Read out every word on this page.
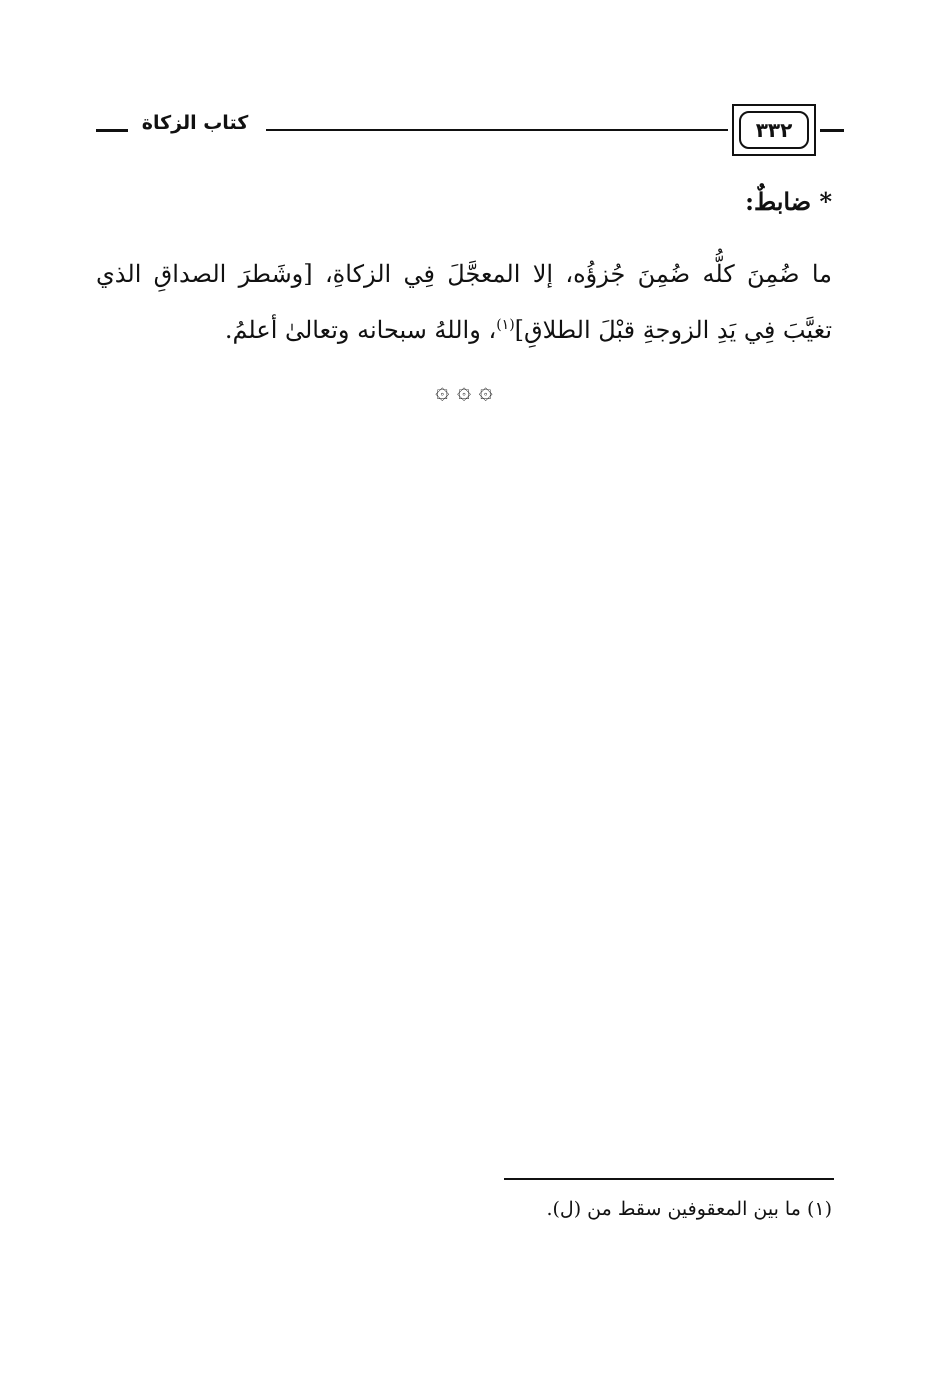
٣٣٢
كتاب الزكاة

* ضابطٌ:

ما ضُمِنَ كلُّه ضُمِنَ جُزؤُه، إلا المعجَّلَ فِي الزكاةِ، [وشَطرَ الصداقِ الذي تغيَّبَ فِي يَدِ الزوجةِ قبْلَ الطلاقِ]$^{(١)}$، واللهُ سبحانه وتعالىٰ أعلمُ.

۞ ۞ ۞
(١) ما بين المعقوفين سقط من (ل).
